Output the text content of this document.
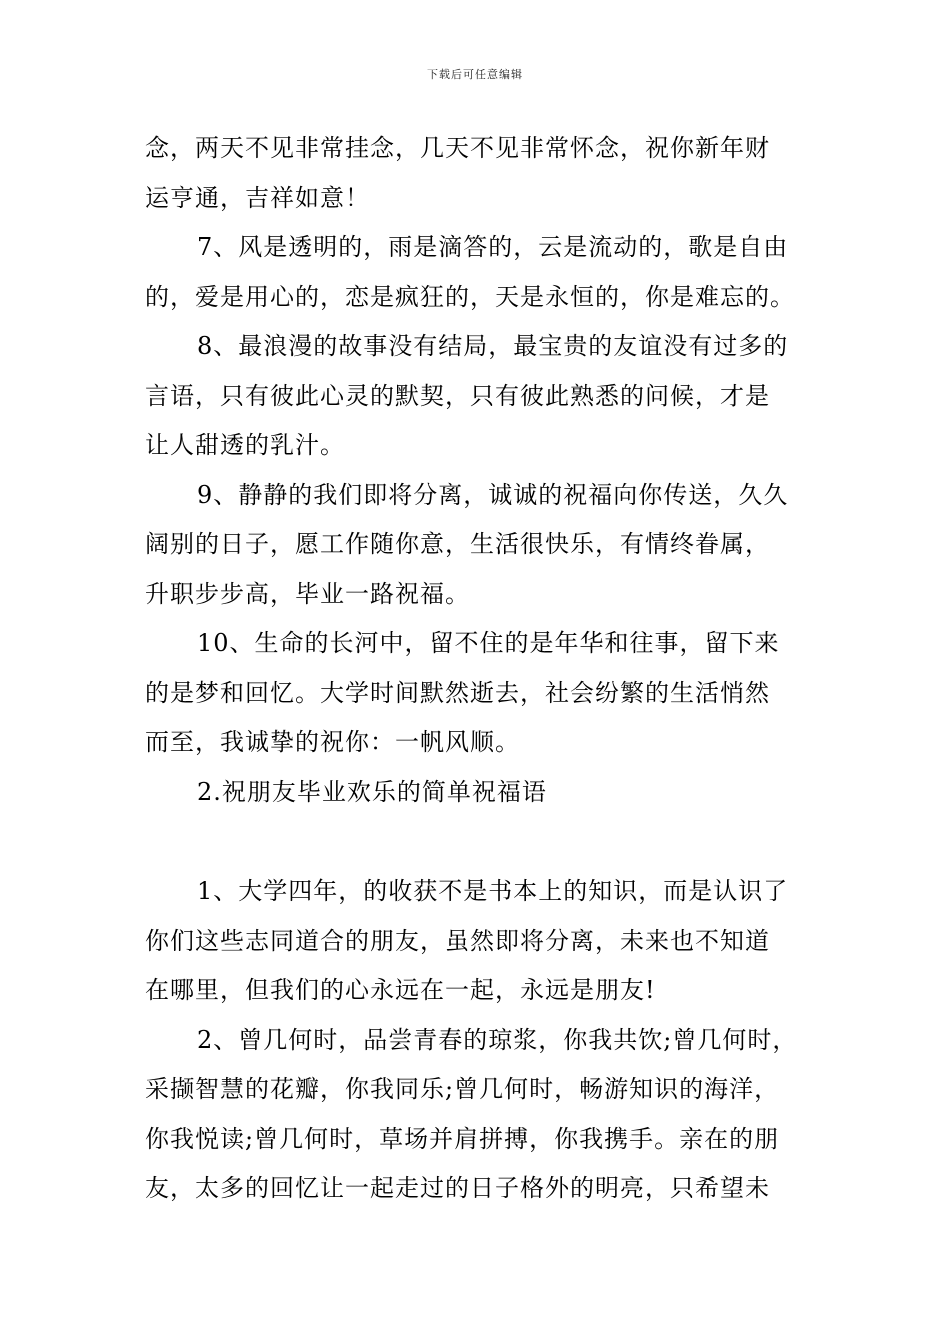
下载后可任意编辑
念，两天不见非常挂念，几天不见非常怀念，祝你新年财
运亨通，吉祥如意！
7、风是透明的，雨是滴答的，云是流动的，歌是自由
的，爱是用心的，恋是疯狂的，天是永恒的，你是难忘的。
8、最浪漫的故事没有结局，最宝贵的友谊没有过多的
言语，只有彼此心灵的默契，只有彼此熟悉的问候，才是
让人甜透的乳汁。
9、静静的我们即将分离，诚诚的祝福向你传送，久久
阔别的日子，愿工作随你意，生活很快乐，有情终眷属，
升职步步高，毕业一路祝福。
10、生命的长河中，留不住的是年华和往事，留下来
的是梦和回忆。大学时间默然逝去，社会纷繁的生活悄然
而至，我诚挚的祝你：一帆风顺。
2.祝朋友毕业欢乐的简单祝福语
1、大学四年，的收获不是书本上的知识，而是认识了
你们这些志同道合的朋友，虽然即将分离，未来也不知道
在哪里，但我们的心永远在一起，永远是朋友!
2、曾几何时，品尝青春的琼浆，你我共饮;曾几何时，
采撷智慧的花瓣，你我同乐;曾几何时，畅游知识的海洋，
你我悦读;曾几何时，草场并肩拼搏，你我携手。亲在的朋
友，太多的回忆让一起走过的日子格外的明亮，只希望未
